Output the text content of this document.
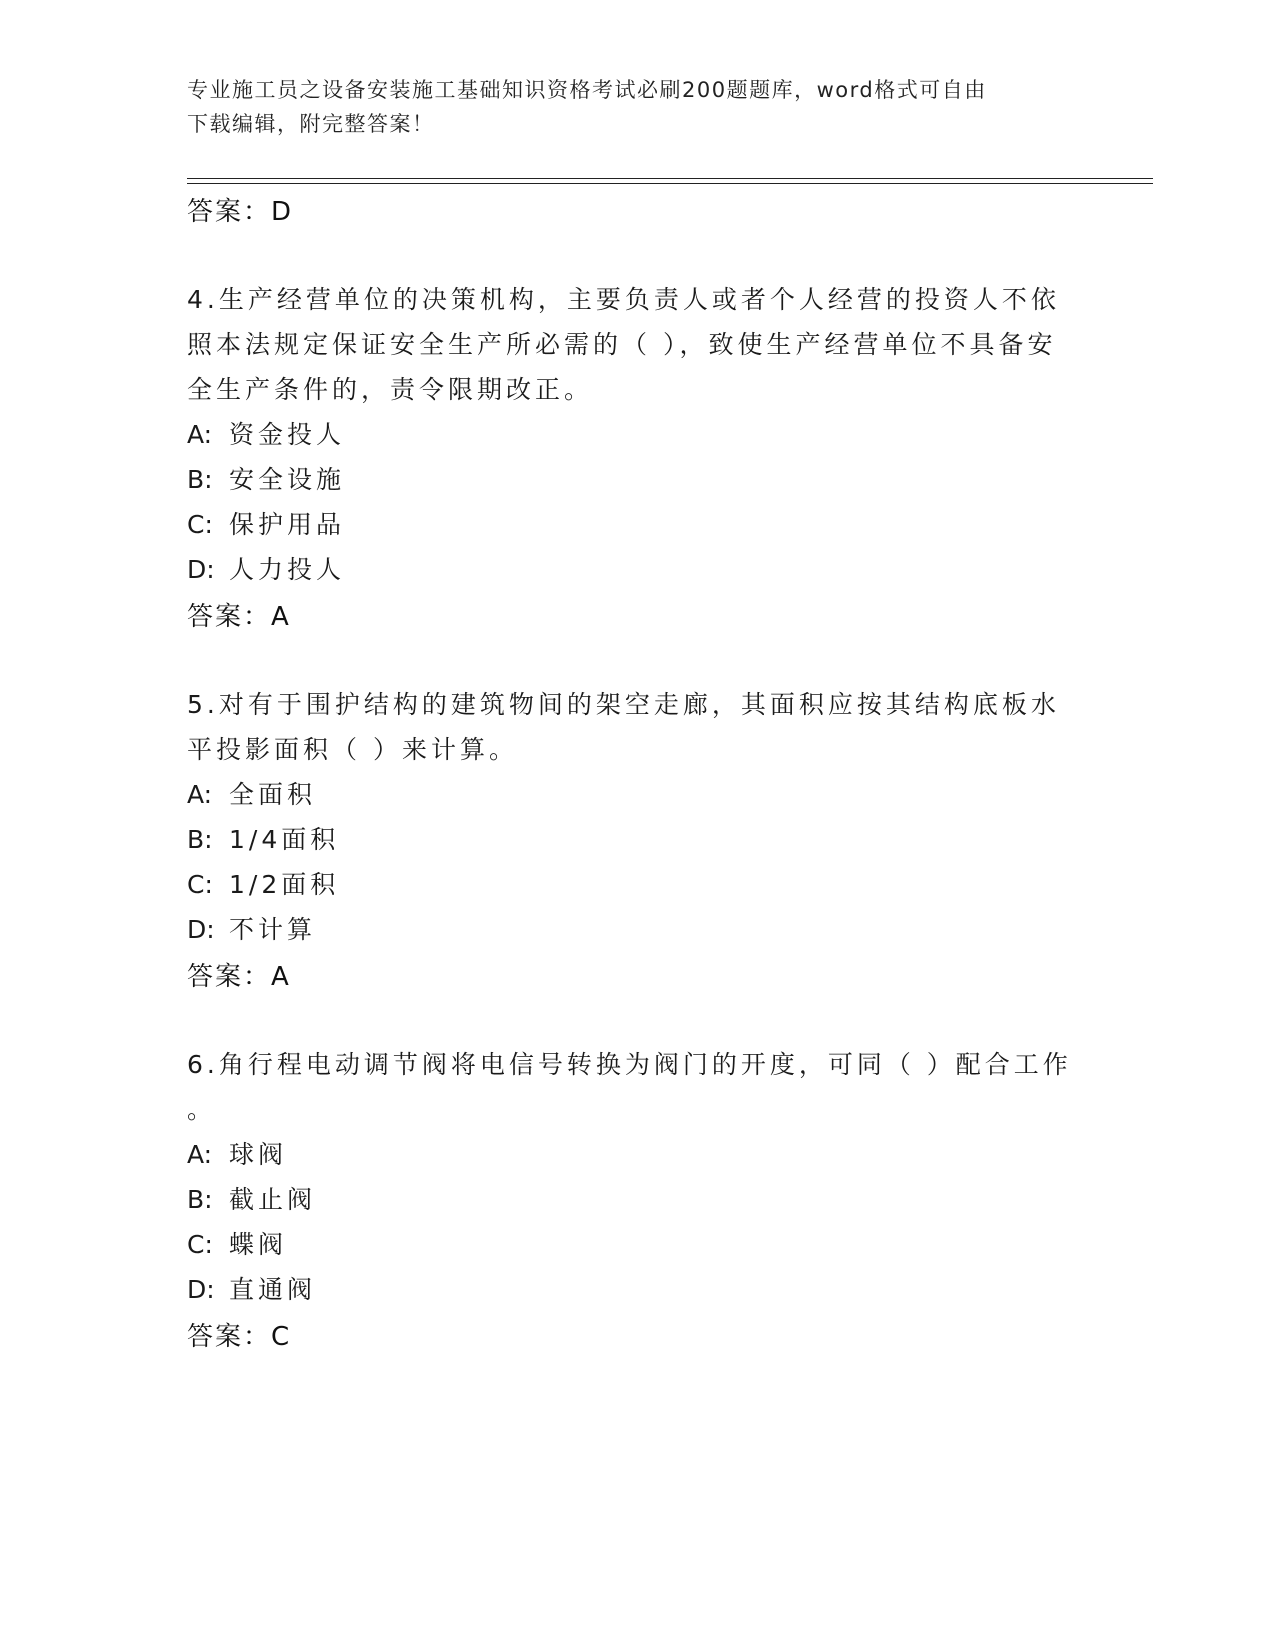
专业施工员之设备安装施工基础知识资格考试必刷200题题库，word格式可自由
下载编辑，附完整答案！
答案：D
4.生产经营单位的决策机构，主要负责人或者个人经营的投资人不依
照本法规定保证安全生产所必需的（ ），致使生产经营单位不具备安
全生产条件的，责令限期改正。
A: 资金投人
B: 安全设施
C: 保护用品
D: 人力投人
答案：A
5.对有于围护结构的建筑物间的架空走廊，其面积应按其结构底板水
平投影面积（ ）来计算。
A: 全面积
B: 1/4面积
C: 1/2面积
D: 不计算
答案：A
6.角行程电动调节阀将电信号转换为阀门的开度，可同（ ）配合工作
。
A: 球阀
B: 截止阀
C: 蝶阀
D: 直通阀
答案：C
